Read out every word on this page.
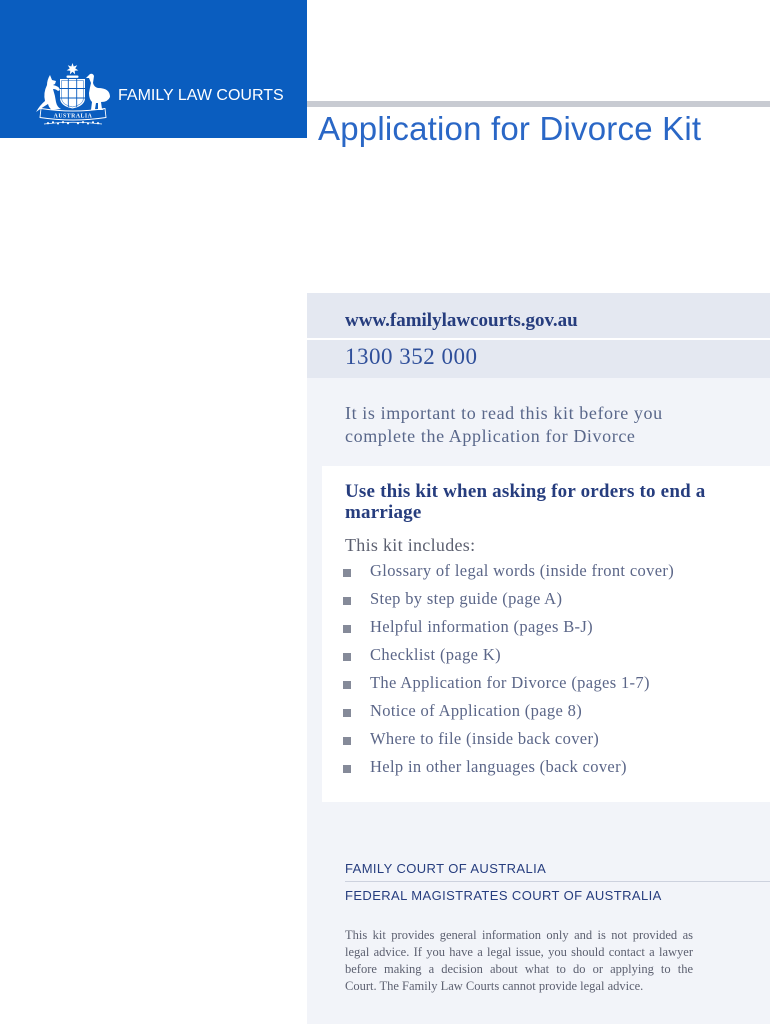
AUSTRALIA
FAMILY LAW COURTS
Application for Divorce Kit
www.familylawcourts.gov.au
1300 352 000
It is important to read this kit before you
complete the Application for Divorce
Use this kit when asking for orders to end a
marriage
This kit includes:
Glossary of legal words (inside front cover)
Step by step guide (page A)
Helpful information (pages B-J)
Checklist (page K)
The Application for Divorce (pages 1-7)
Notice of Application (page 8)
Where to file (inside back cover)
Help in other languages (back cover)
FAMILY COURT OF AUSTRALIA
FEDERAL MAGISTRATES COURT OF AUSTRALIA
This kit provides general information only and is not provided as
legal advice. If you have a legal issue, you should contact a lawyer
before making a decision about what to do or applying to the
Court. The Family Law Courts cannot provide legal advice.
